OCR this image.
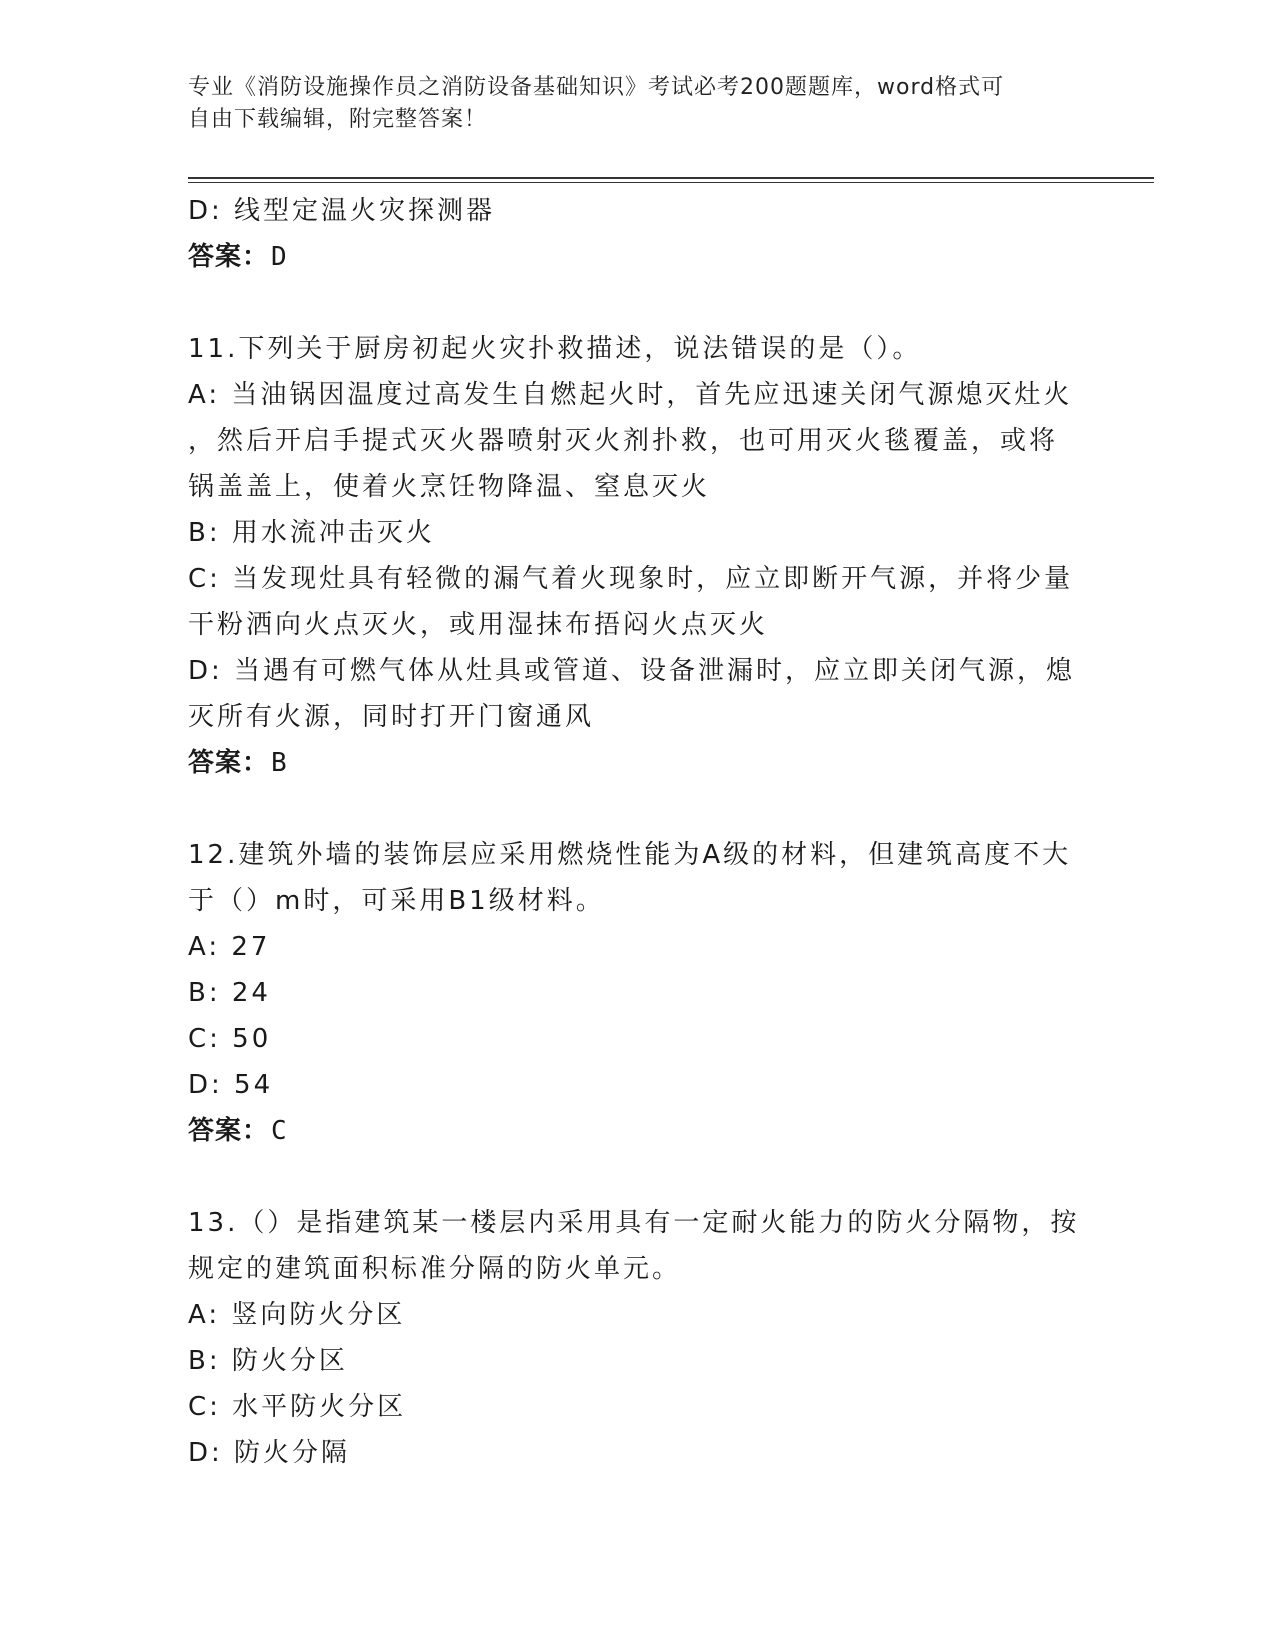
专业《消防设施操作员之消防设备基础知识》考试必考200题题库，word格式可
自由下载编辑，附完整答案！
D: 线型定温火灾探测器
答案：D
11.下列关于厨房初起火灾扑救描述，说法错误的是（）。
A: 当油锅因温度过高发生自燃起火时，首先应迅速关闭气源熄灭灶火
，然后开启手提式灭火器喷射灭火剂扑救，也可用灭火毯覆盖，或将
锅盖盖上，使着火烹饪物降温、窒息灭火
B: 用水流冲击灭火
C: 当发现灶具有轻微的漏气着火现象时，应立即断开气源，并将少量
干粉洒向火点灭火，或用湿抹布捂闷火点灭火
D: 当遇有可燃气体从灶具或管道、设备泄漏时，应立即关闭气源，熄
灭所有火源，同时打开门窗通风
答案：B
12.建筑外墙的装饰层应采用燃烧性能为A级的材料，但建筑高度不大
于（）m时，可采用B1级材料。
A: 27
B: 24
C: 50
D: 54
答案：C
13.（）是指建筑某一楼层内采用具有一定耐火能力的防火分隔物，按
规定的建筑面积标准分隔的防火单元。
A: 竖向防火分区
B: 防火分区
C: 水平防火分区
D: 防火分隔
